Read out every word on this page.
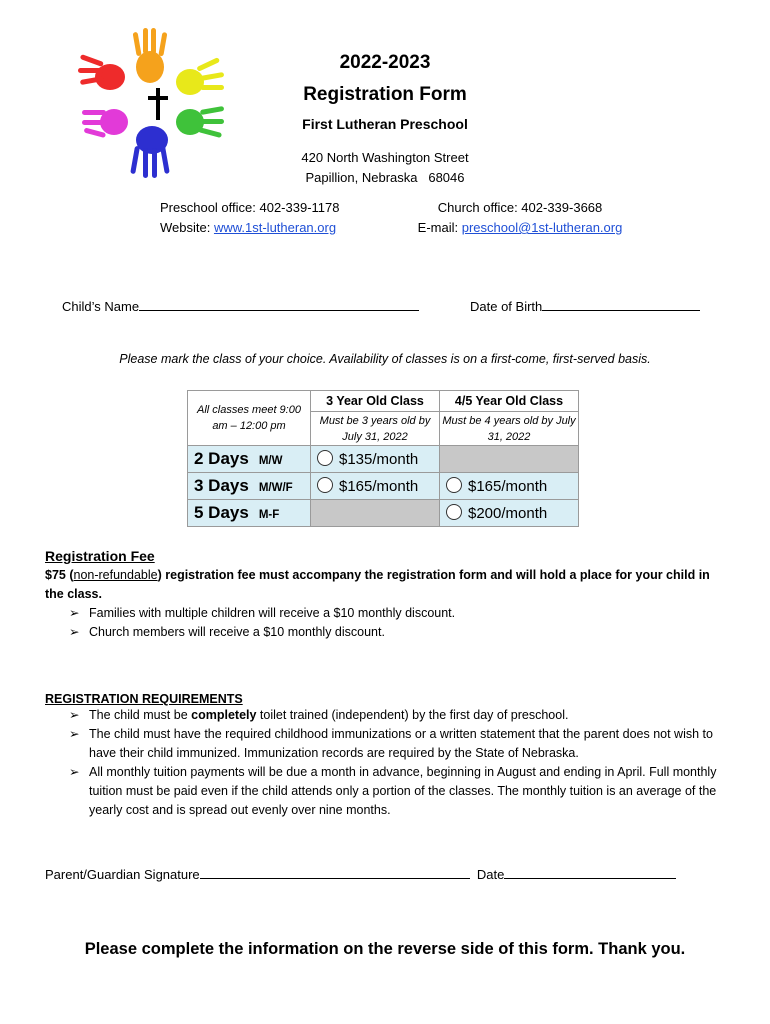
2022-2023
Registration Form
First Lutheran Preschool
420 North Washington Street
Papillion, Nebraska   68046
Preschool office: 402-339-1178
Website: www.1st-lutheran.org
Church office: 402-339-3668
E-mail: preschool@1st-lutheran.org
Child’s Name	Date of Birth
Please mark the class of your choice. Availability of classes is on a first-come, first-served basis.
All classes meet 9:00 am – 12:00 pm	3 Year Old Class	4/5 Year Old Class
	Must be 3 years old by July 31, 2022	Must be 4 years old by July 31, 2022
2 Days M/W	$135/month	
3 Days M/W/F	$165/month	$165/month
5 Days M-F		$200/month
Registration Fee
$75 (non-refundable) registration fee must accompany the registration form and will hold a place for your child in the class.
➢ Families with multiple children will receive a $10 monthly discount.
➢ Church members will receive a $10 monthly discount.
REGISTRATION REQUIREMENTS
➢ The child must be completely toilet trained (independent) by the first day of preschool.
➢ The child must have the required childhood immunizations or a written statement that the parent does not wish to have their child immunized. Immunization records are required by the State of Nebraska.
➢ All monthly tuition payments will be due a month in advance, beginning in August and ending in April. Full monthly tuition must be paid even if the child attends only a portion of the classes. The monthly tuition is an average of the yearly cost and is spread out evenly over nine months.
Parent/Guardian Signature	Date
Please complete the information on the reverse side of this form. Thank you.
